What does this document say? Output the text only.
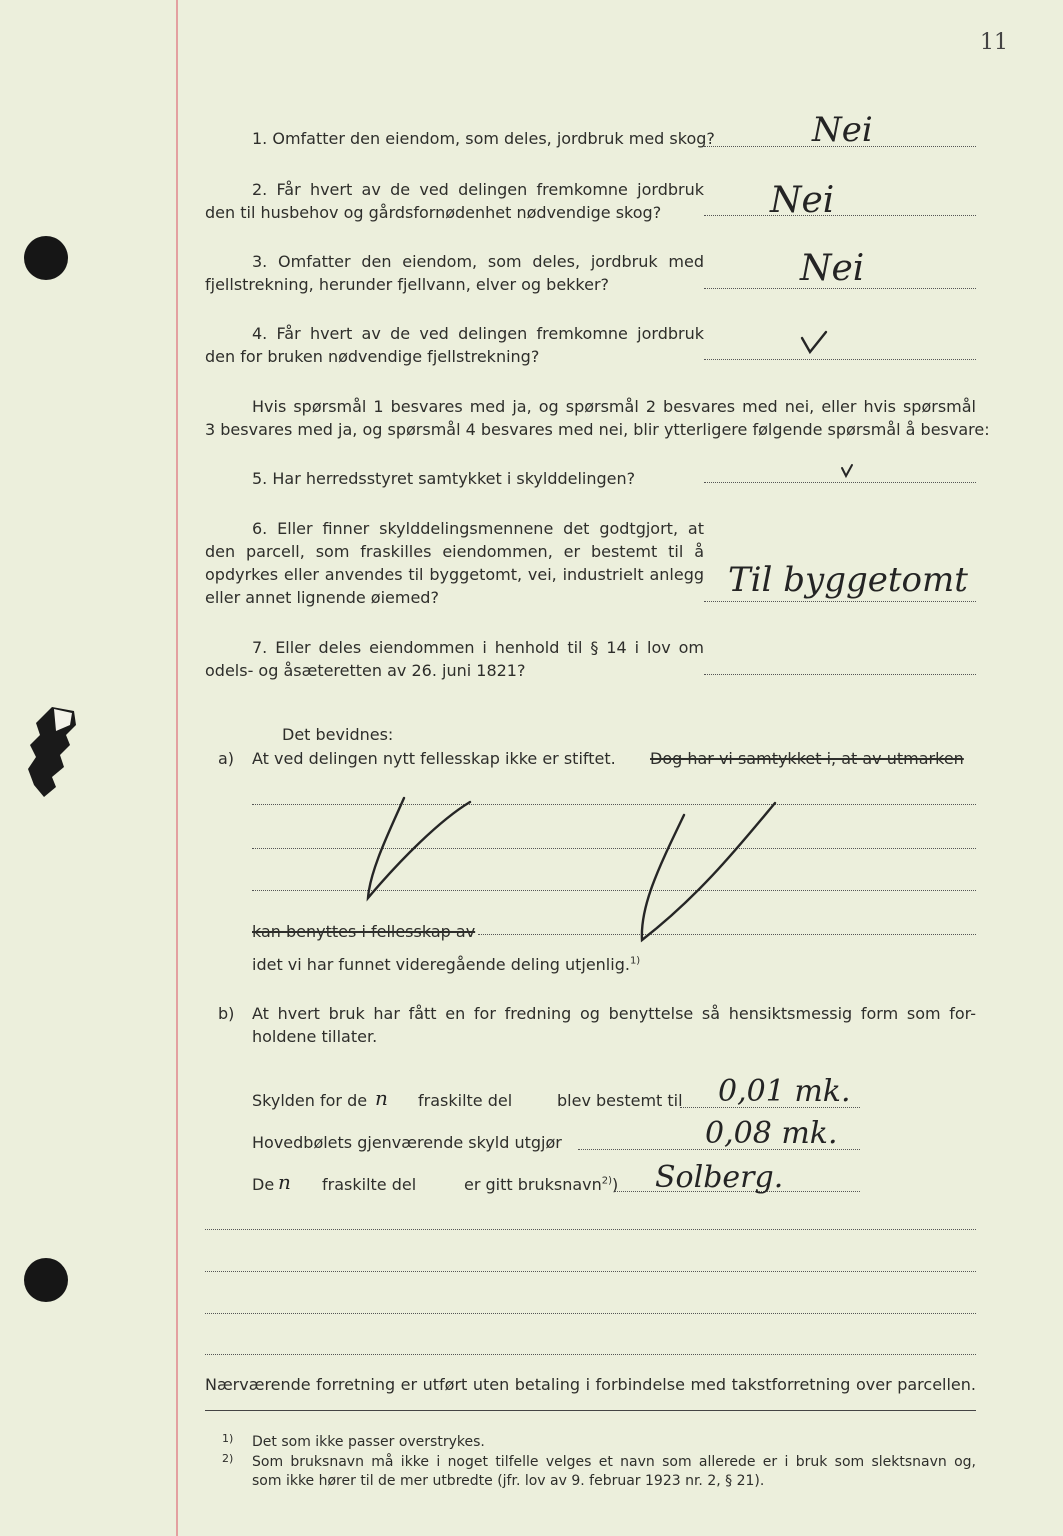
11
1. Omfatter den eiendom, som deles, jordbruk med skog?	Nei
2. Får hvert av de ved delingen fremkomne jordbruk
den til husbehov og gårdsfornødenhet nødvendige skog?	Nei
3. Omfatter den eiendom, som deles, jordbruk med
fjellstrekning, herunder fjellvann, elver og bekker?	Nei
4. Får hvert av de ved delingen fremkomne jordbruk
den for bruken nødvendige fjellstrekning?
Hvis spørsmål 1 besvares med ja, og spørsmål 2 besvares med nei, eller hvis spørsmål
3 besvares med ja, og spørsmål 4 besvares med nei, blir ytterligere følgende spørsmål å besvare:
5. Har herredsstyret samtykket i skylddelingen?
6. Eller finner skylddelingsmennene det godtgjort, at
den parcell, som fraskilles eiendommen, er bestemt til å
opdyrkes eller anvendes til byggetomt, vei, industrielt anlegg
eller annet lignende øiemed?	Til byggetomt
7. Eller deles eiendommen i henhold til § 14 i lov om
odels- og åsæteretten av 26. juni 1821?
Det bevidnes:
a) At ved delingen nytt fellesskap ikke er stiftet. Dog har vi samtykket i, at av utmarken
kan benyttes i fellesskap av
idet vi har funnet videregående deling utjenlig.$^{1)}$
b) At hvert bruk har fått en for fredning og benyttelse så hensiktsmessig form som for-
holdene tillater.
Skylden for de n fraskilte del	blev bestemt til 0,01 mk.
Hovedbølets gjenværende skyld utgjør	0,08 mk.
De n fraskilte del	er gitt bruksnavn$^{2)}$) Solberg.
Nærværende forretning er utført uten betaling i forbindelse med takstforretning over parcellen.
1) Det som ikke passer overstrykes.
2) Som bruksnavn må ikke i noget tilfelle velges et navn som allerede er i bruk som slektsnavn og,
som ikke hører til de mer utbredte (jfr. lov av 9. februar 1923 nr. 2, § 21).
